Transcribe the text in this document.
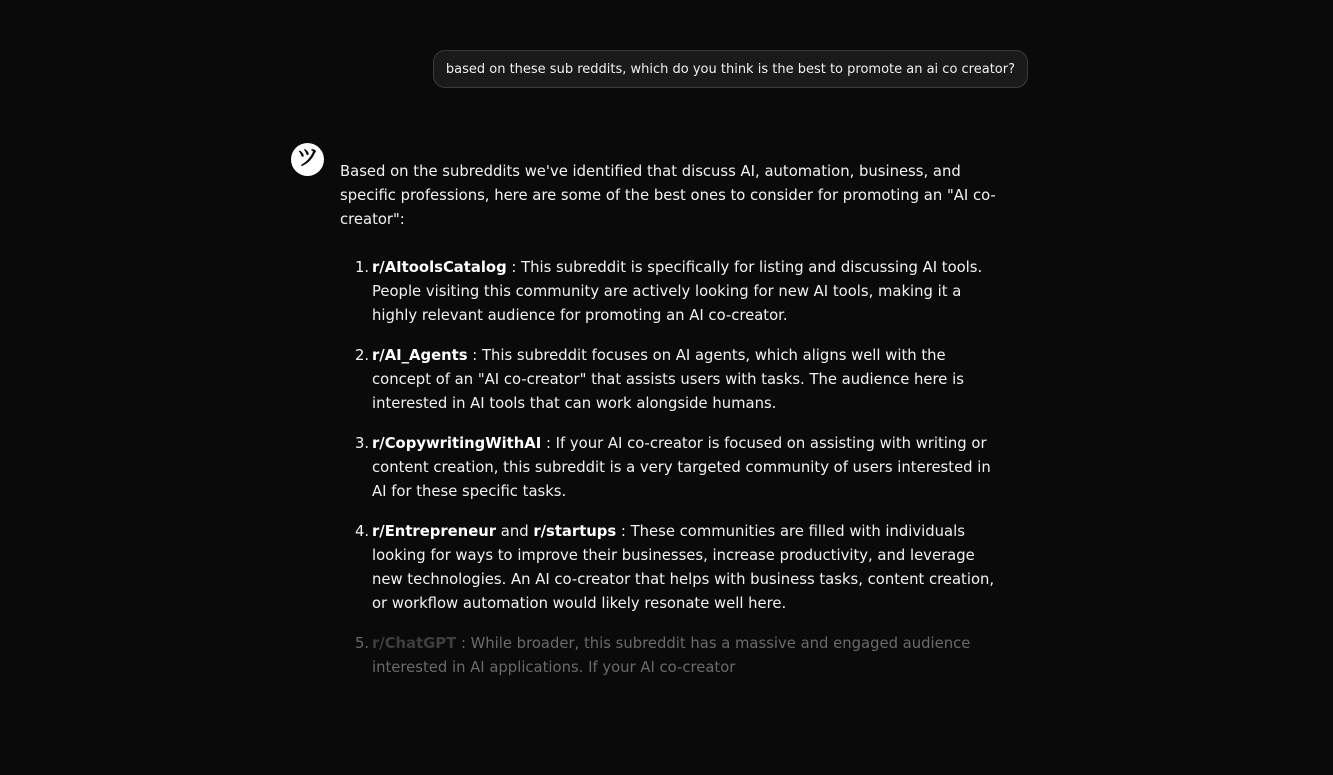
based on these sub reddits, which do you think is the best to promote an ai co creator?
ツ

Based on the subreddits we've identified that discuss AI, automation, business, and specific professions, here are some of the best ones to consider for promoting an "AI co-creator":

1. r/AItoolsCatalog : This subreddit is specifically for listing and discussing AI tools. People visiting this community are actively looking for new AI tools, making it a highly relevant audience for promoting an AI co-creator.
2. r/AI_Agents : This subreddit focuses on AI agents, which aligns well with the concept of an "AI co-creator" that assists users with tasks. The audience here is interested in AI tools that can work alongside humans.
3. r/CopywritingWithAI : If your AI co-creator is focused on assisting with writing or content creation, this subreddit is a very targeted community of users interested in AI for these specific tasks.
4. r/Entrepreneur and r/startups : These communities are filled with individuals looking for ways to improve their businesses, increase productivity, and leverage new technologies. An AI co-creator that helps with business tasks, content creation, or workflow automation would likely resonate well here.
5. r/ChatGPT : While broader, this subreddit has a massive and engaged audience interested in AI applications. If your AI co-creator
